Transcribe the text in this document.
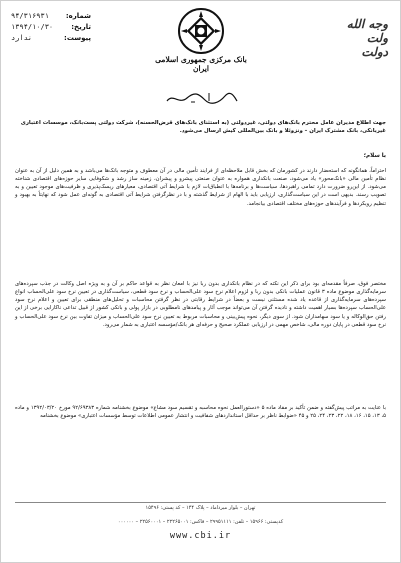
شماره:
۹۴/۳۱۶۹۳۱
تاریخ:
۱۳۹۴/۱۰/۳۰
پیوست:
ندارد
بانک مرکزی جمهوری اسلامی ایران
وجه الله
ولت
دولت
جهت اطلاع مدیران عامل محترم بانک‌های دولتی، غیردولتی (به استثنای بانک‌های قرض‌الحسنه)، شرکت دولتی پست‌بانک، موسسات اعتباری غیربانکی، بانک مشترک ایران – ونزوئلا و بانک بین‌المللی کیش ارسال می‌شود.
با سلام؛
احتراماً، همانگونه که استحضار دارند در کشورمان که بخش قابل ملاحظه‌ای از فرایند تأمین مالی در آن معطوف و متوجه بانک‌ها می‌باشد و به همین دلیل از آن به عنوان نظام تأمین مالی «بانک‌محور» یاد می‌شود، صنعت بانکداری همواره به عنوان صنعتی پیشرو و پیشران، زمینه ساز رشد و شکوفایی سایر حوزه‌های اقتصادی شناخته می‌شود. از این‌رو ضرورت دارد تمامی راهبردها، سیاست‌ها و برنامه‌ها با انطباق‌ات لازم با شرایط آتی اقتصادی، معیارهای ریسک‌پذیری و ظرفیت‌های موجود تعیین و به تصویب رسند. بدیهی است در این سیاست‌گذاری، ارزیابی باید با الهام از شرایط گذشته و با در نظرگرفتن شرایط آتی اقتصادی به گونه‌ای عمل شود که نهایتاً به بهبود و تنظیم رویکردها و فرآیندهای حوزه‌های مختلف اقتصادی بیانجامد.
مختصر فوق، صرفاً مقدمه‌ای بود برای ذکر این نکته که در نظام بانکداری بدون ربا نیز با امعان نظر به قواعد حاکم بر آن و به ویژه اصل وکالت در جذب سپرده‌های سرمایه‌گذاری موضوع ماده ۳ قانون عملیات بانکی بدون ربا و لزوم اعلام نرخ سود علی‌الحساب و نرخ سود قطعی، سیاست‌گذاری در تعیین نرخ سود علی‌الحساب انواع سپرده‌های سرمایه‌گذاری از قاعده یاد شده مستثنی نیست و بعضاً در شرایط رقابتی در نظر گرفتن محاسبات و تحلیل‌های منطقی برای تعیین و اعلام نرخ سود علی‌الحساب سپرده‌ها بسیار اهمیت داشته و نادیده گرفتن آن می‌تواند موجب آثار و پیامدهای نامطلوبی در بازار پولی و بانکی کشور از قبیل تداعی ناکارایی برخی از این رفتن حق‌الوکاله و یا سود سهامداران شود. از سوی دیگر، نحوه پیش‌بینی و محاسبات مربوط به تعیین نرخ سود علی‌الحساب و میزان تفاوت بین نرخ سود علی‌الحساب و نرخ سود قطعی در پایان دوره مالی، شاخص مهمی در ارزیابی عملکرد صحیح و حرفه‌ای هر بانک/مؤسسه اعتباری به شمار می‌رود.
با عنایت به مراتب پیش‌گفته و ضمن تأکید بر مفاد ماده ۵ «دستورالعمل نحوه محاسبه و تقسیم سود مشاع» موضوع بخشنامه شماره ۹۲/۶۹۳۸۳ مورخ ۱۳۹۲/۰۳/۲۰ و ماده ۵، ۱۳، ۱۵، ۱۶، ۱۸، ۲۲، ۲۳، ۲۴، ۲۵ و ۴۵ «ضوابط ناظر بر حداقل استانداردهای شفافیت و انتشار عمومی اطلاعات توسط مؤسسات اعتباری» موضوع بخشنامه
تهران – بلوار میرداماد – پلاک ۱۴۴ – کد پستی: ۱۵۴۹۶
کدپستی: ۱۵۹۶۶ – تلفن: ۲۹۹۵۱۱۱۱ – فاکس: ۲۲۲۶۵۰۰۱ – ۲۲۵۶۰۰۰۱ – ۰۰۰۰۰۰
www.cbi.ir
